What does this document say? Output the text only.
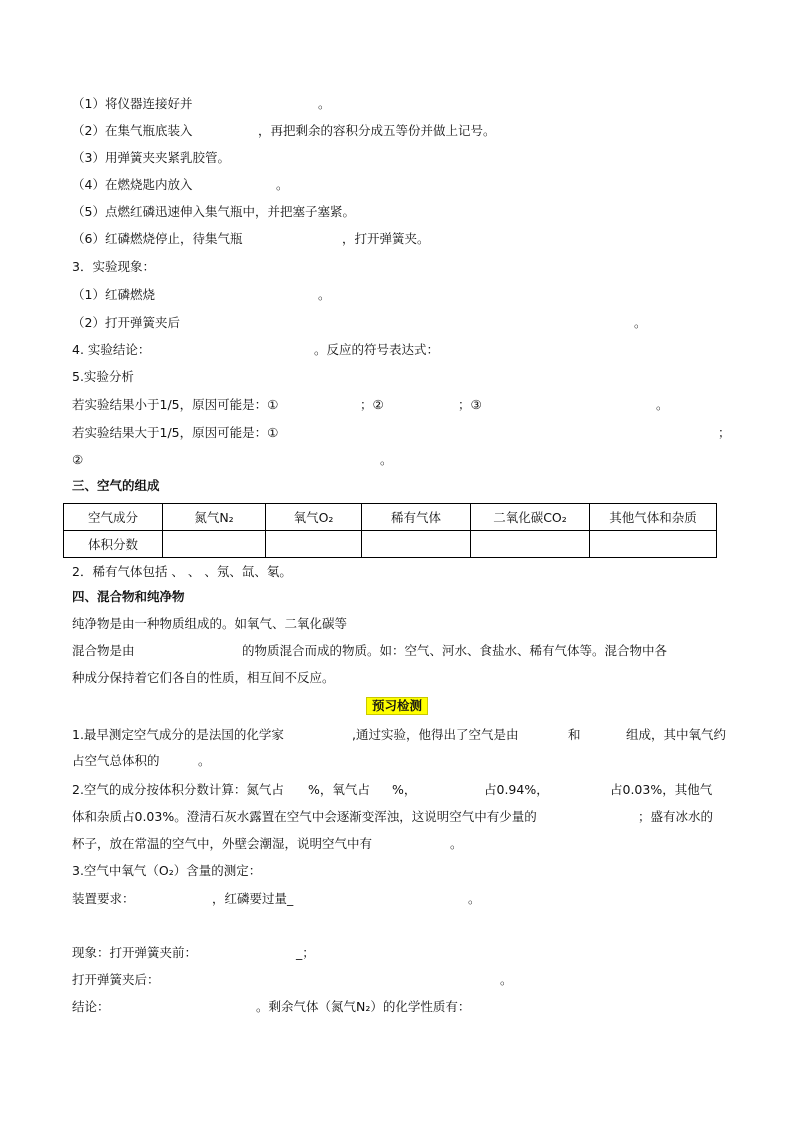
（1）将仪器连接好并	。
（2）在集气瓶底装入	，再把剩余的容积分成五等份并做上记号。
（3）用弹簧夹夹紧乳胶管。
（4）在燃烧匙内放入	。
（5）点燃红磷迅速伸入集气瓶中，并把塞子塞紧。
（6）红磷燃烧停止，待集气瓶	，打开弹簧夹。
3．实验现象：
（1）红磷燃烧	。
（2）打开弹簧夹后	。
4. 实验结论：	。反应的符号表达式：
5.实验分析
若实验结果小于1/5，原因可能是：①	；②	；③	。
若实验结果大于1/5，原因可能是：①	；
②	。
三、空气的组成
空气成分	氮气N₂	氧气O₂	稀有气体	二氧化碳CO₂	其他气体和杂质
体积分数					
2．稀有气体包括 、 、 、氖、氙、氡。
四、混合物和纯净物
纯净物是由一种物质组成的。如氧气、二氧化碳等
混合物是由	的物质混合而成的物质。如：空气、河水、食盐水、稀有气体等。混合物中各
种成分保持着它们各自的性质，相互间不反应。
预习检测
1.最早测定空气成分的是法国的化学家	,通过实验，他得出了空气是由	和	组成，其中氧气约
占空气总体积的	。
2.空气的成分按体积分数计算：氮气占 %，氧气占 %，	占0.94%，	占0.03%，其他气
体和杂质占0.03%。澄清石灰水露置在空气中会逐渐变浑浊，这说明空气中有少量的	；盛有冰水的
杯子，放在常温的空气中，外壁会潮湿，说明空气中有	。
3.空气中氧气（O₂）含量的测定：
装置要求：	，红磷要过量_	。
现象：打开弹簧夹前：	_；
打开弹簧夹后：	。
结论：	。剩余气体（氮气N₂）的化学性质有：
